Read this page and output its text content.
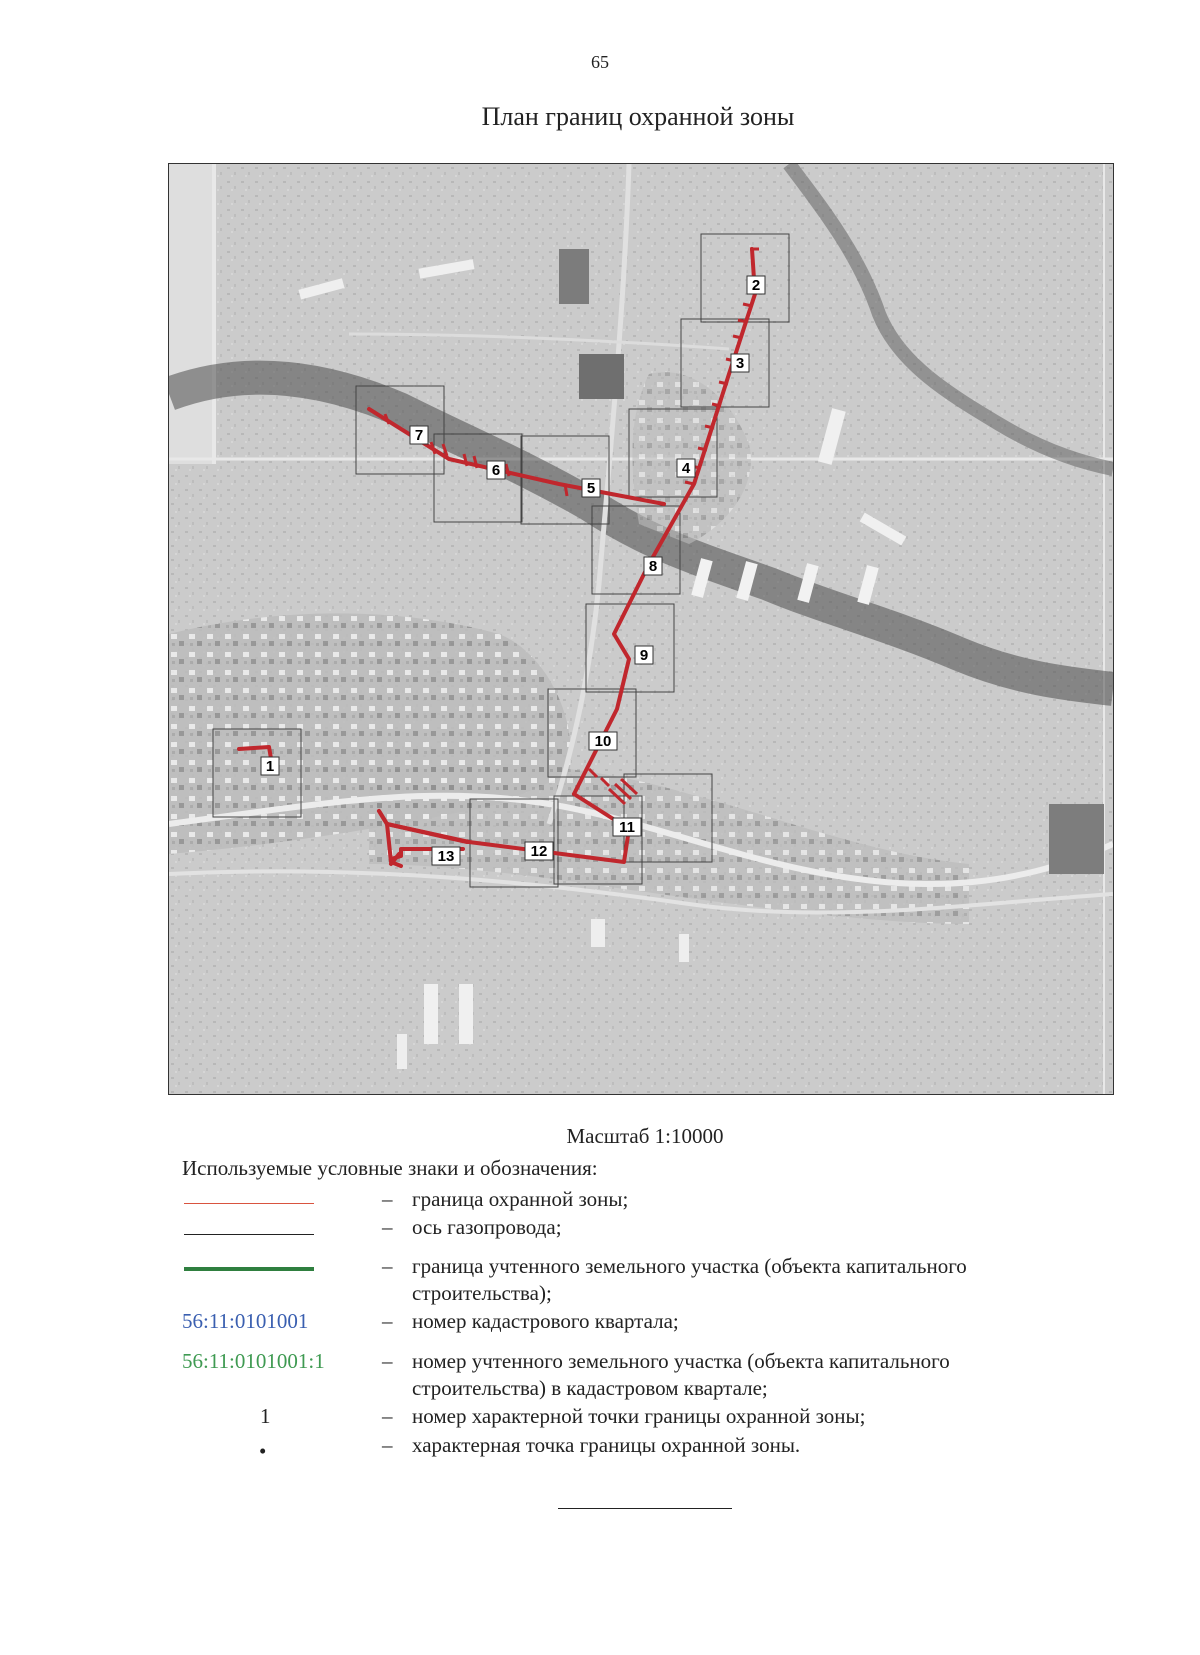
65
План границ охранной зоны
2
3
4
5
6
7
8
9
10
11
12
13
1
Масштаб 1:10000
Используемые условные знаки и обозначения:
– граница охранной зоны;
– ось газопровода;
– граница учтенного земельного участка (объекта капитального строительства);
56:11:0101001	– номер кадастрового квартала;
56:11:0101001:1	– номер учтенного земельного участка (объекта капитального строительства) в кадастровом квартале;
1	– номер характерной точки границы охранной зоны;
•	– характерная точка границы охранной зоны.
